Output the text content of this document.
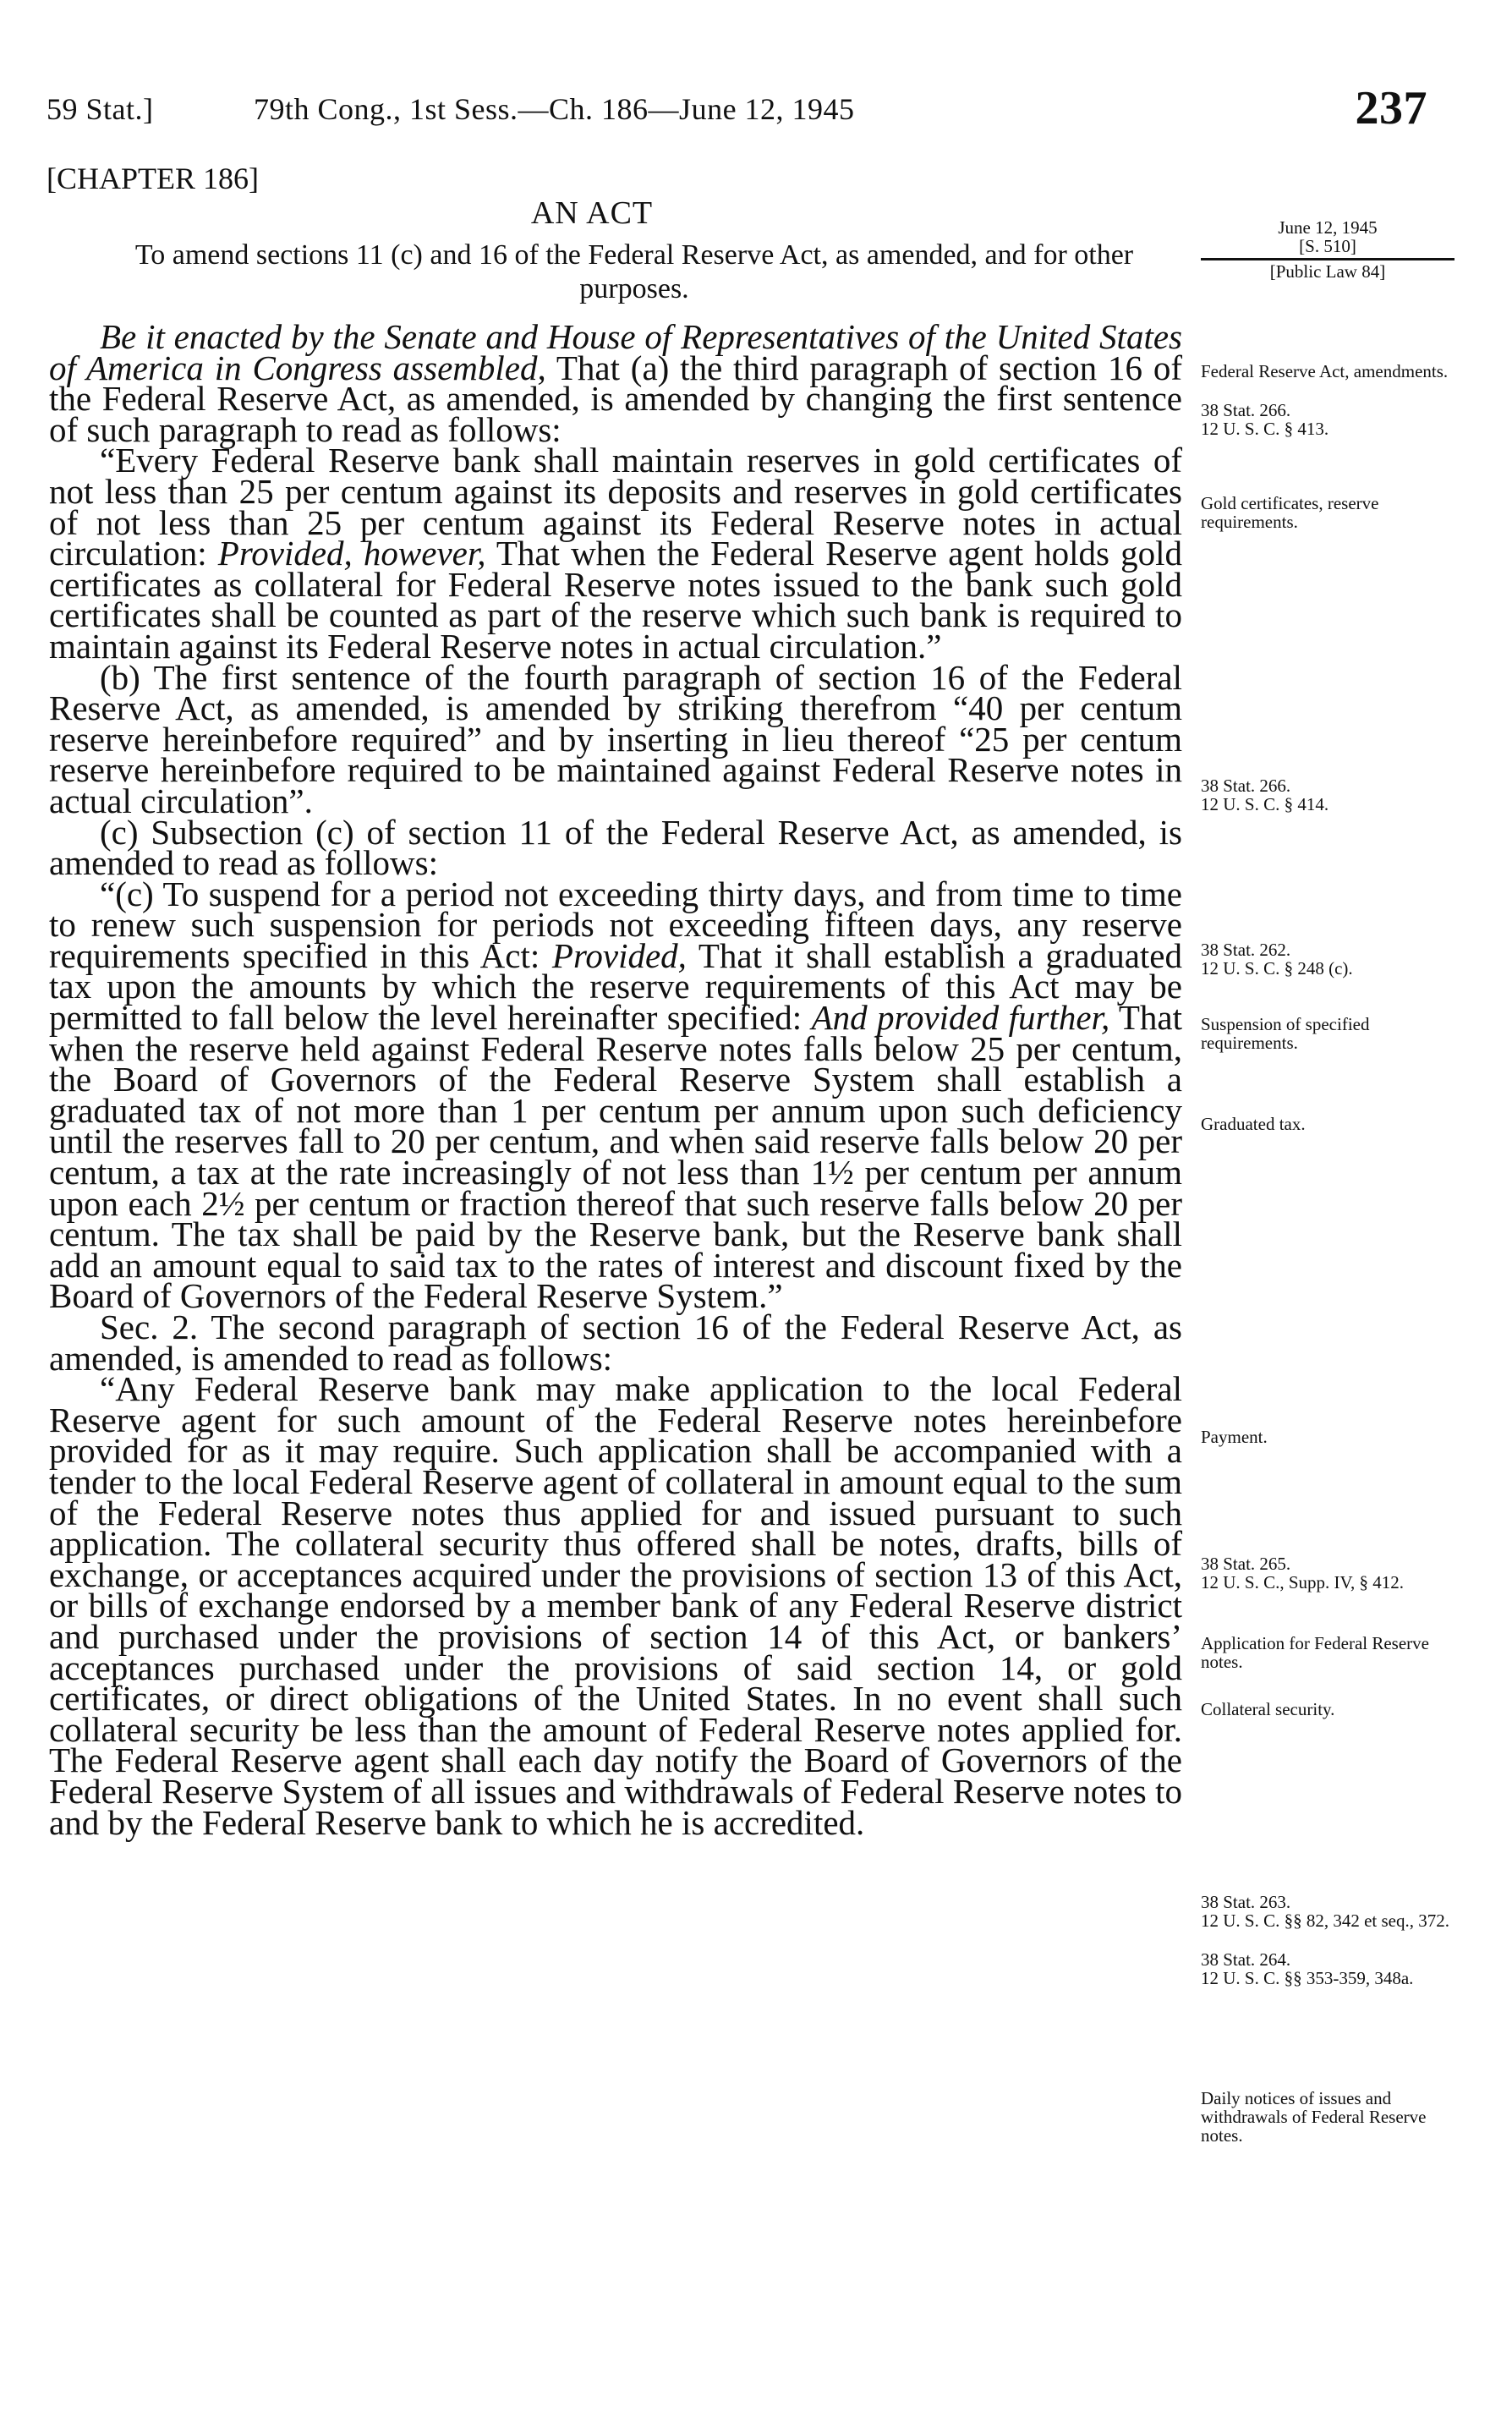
59 Stat.]	79th Cong., 1st Sess.—Ch. 186—June 12, 1945	237
[CHAPTER 186]
AN ACT
To amend sections 11 (c) and 16 of the Federal Reserve Act, as amended, and for other purposes.
June 12, 1945
[S. 510]
[Public Law 84]
Federal Reserve Act, amendments.
38 Stat. 266.
12 U. S. C. § 413.
Gold certificates, reserve requirements.
38 Stat. 266.
12 U. S. C. § 414.
38 Stat. 262.
12 U. S. C. § 248 (c).
Suspension of specified requirements.
Graduated tax.
Payment.
38 Stat. 265.
12 U. S. C., Supp. IV, § 412.
Application for Federal Reserve notes.
Collateral security.
38 Stat. 263.
12 U. S. C. §§ 82, 342 et seq., 372.
38 Stat. 264.
12 U. S. C. §§ 353-359, 348a.
Daily notices of issues and withdrawals of Federal Reserve notes.

Be it enacted by the Senate and House of Representatives of the United States of America in Congress assembled, That (a) the third paragraph of section 16 of the Federal Reserve Act, as amended, is amended by changing the first sentence of such paragraph to read as follows:

“Every Federal Reserve bank shall maintain reserves in gold certificates of not less than 25 per centum against its deposits and reserves in gold certificates of not less than 25 per centum against its Federal Reserve notes in actual circulation: Provided, however, That when the Federal Reserve agent holds gold certificates as collateral for Federal Reserve notes issued to the bank such gold certificates shall be counted as part of the reserve which such bank is required to maintain against its Federal Reserve notes in actual circulation.”

(b) The first sentence of the fourth paragraph of section 16 of the Federal Reserve Act, as amended, is amended by striking therefrom “40 per centum reserve hereinbefore required” and by inserting in lieu thereof “25 per centum reserve hereinbefore required to be maintained against Federal Reserve notes in actual circulation”.

(c) Subsection (c) of section 11 of the Federal Reserve Act, as amended, is amended to read as follows:

“(c) To suspend for a period not exceeding thirty days, and from time to time to renew such suspension for periods not exceeding fifteen days, any reserve requirements specified in this Act: Provided, That it shall establish a graduated tax upon the amounts by which the reserve requirements of this Act may be permitted to fall below the level hereinafter specified: And provided further, That when the reserve held against Federal Reserve notes falls below 25 per centum, the Board of Governors of the Federal Reserve System shall establish a graduated tax of not more than 1 per centum per annum upon such deficiency until the reserves fall to 20 per centum, and when said reserve falls below 20 per centum, a tax at the rate increasingly of not less than 1½ per centum per annum upon each 2½ per centum or fraction thereof that such reserve falls below 20 per centum. The tax shall be paid by the Reserve bank, but the Reserve bank shall add an amount equal to said tax to the rates of interest and discount fixed by the Board of Governors of the Federal Reserve System.”

Sec. 2. The second paragraph of section 16 of the Federal Reserve Act, as amended, is amended to read as follows:

“Any Federal Reserve bank may make application to the local Federal Reserve agent for such amount of the Federal Reserve notes hereinbefore provided for as it may require. Such application shall be accompanied with a tender to the local Federal Reserve agent of collateral in amount equal to the sum of the Federal Reserve notes thus applied for and issued pursuant to such application. The collateral security thus offered shall be notes, drafts, bills of exchange, or acceptances acquired under the provisions of section 13 of this Act, or bills of exchange endorsed by a member bank of any Federal Reserve district and purchased under the provisions of section 14 of this Act, or bankers’ acceptances purchased under the provisions of said section 14, or gold certificates, or direct obligations of the United States. In no event shall such collateral security be less than the amount of Federal Reserve notes applied for. The Federal Reserve agent shall each day notify the Board of Governors of the Federal Reserve System of all issues and withdrawals of Federal Reserve notes to and by the Federal Reserve bank to which he is accredited.
